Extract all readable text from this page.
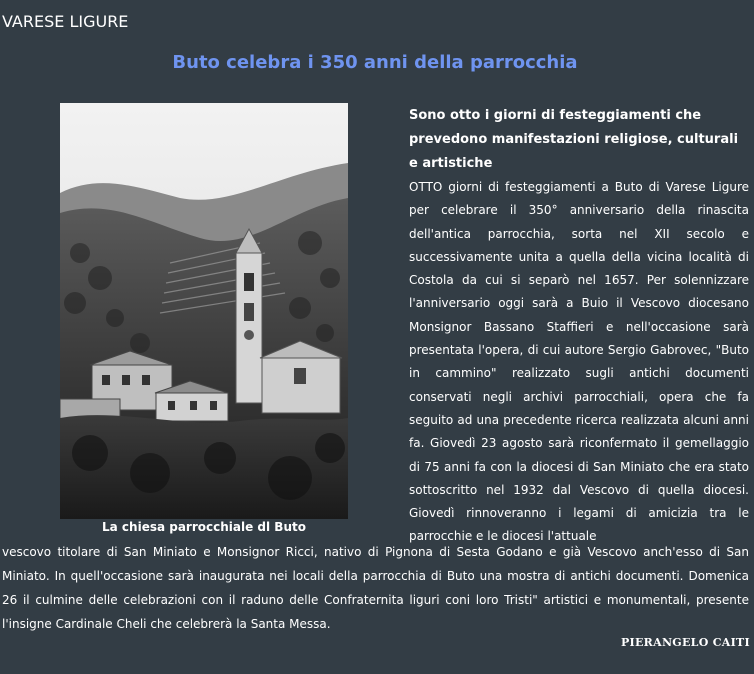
VARESE LIGURE
Buto celebra i 350 anni della parrocchia
La chiesa parrocchiale dl Buto
Sono otto i giorni di festeggiamenti che prevedono manifestazioni religiose, culturali e artistiche
OTTO giorni di festeggiamenti a Buto di Varese Ligure per celebrare il 350° anniversario della rinascita dell'antica parrocchia, sorta nel XII secolo e successivamente unita a quella della vicina località di Costola da cui si separò nel 1657. Per solennizzare l'anniversario oggi sarà a Buio il Vescovo diocesano Monsignor Bassano Staffieri e nell'occasione sarà presentata l'opera, di cui autore Sergio Gabrovec, "Buto in cammino" realizzato sugli antichi documenti conservati negli archivi parrocchiali, opera che fa seguito ad una precedente ricerca realizzata alcuni anni fa. Giovedì 23 agosto sarà riconfermato il gemellaggio di 75 anni fa con la diocesi di San Miniato che era stato sottoscritto nel 1932 dal Vescovo di quella diocesi. Giovedì rinnoveranno i legami di amicizia tra le parrocchie e le diocesi l'attuale
vescovo titolare di San Miniato e Monsignor Ricci, nativo di Pignona di Sesta Godano e già Vescovo anch'esso di San Miniato. In quell'occasione sarà inaugurata nei locali della parrocchia di Buto una mostra di antichi documenti. Domenica 26 il culmine delle celebrazioni con il raduno delle Confraternita liguri coni loro Tristi" artistici e monumentali, presente l'insigne Cardinale Cheli che celebrerà la Santa Messa.
PIERANGELO CAITI
